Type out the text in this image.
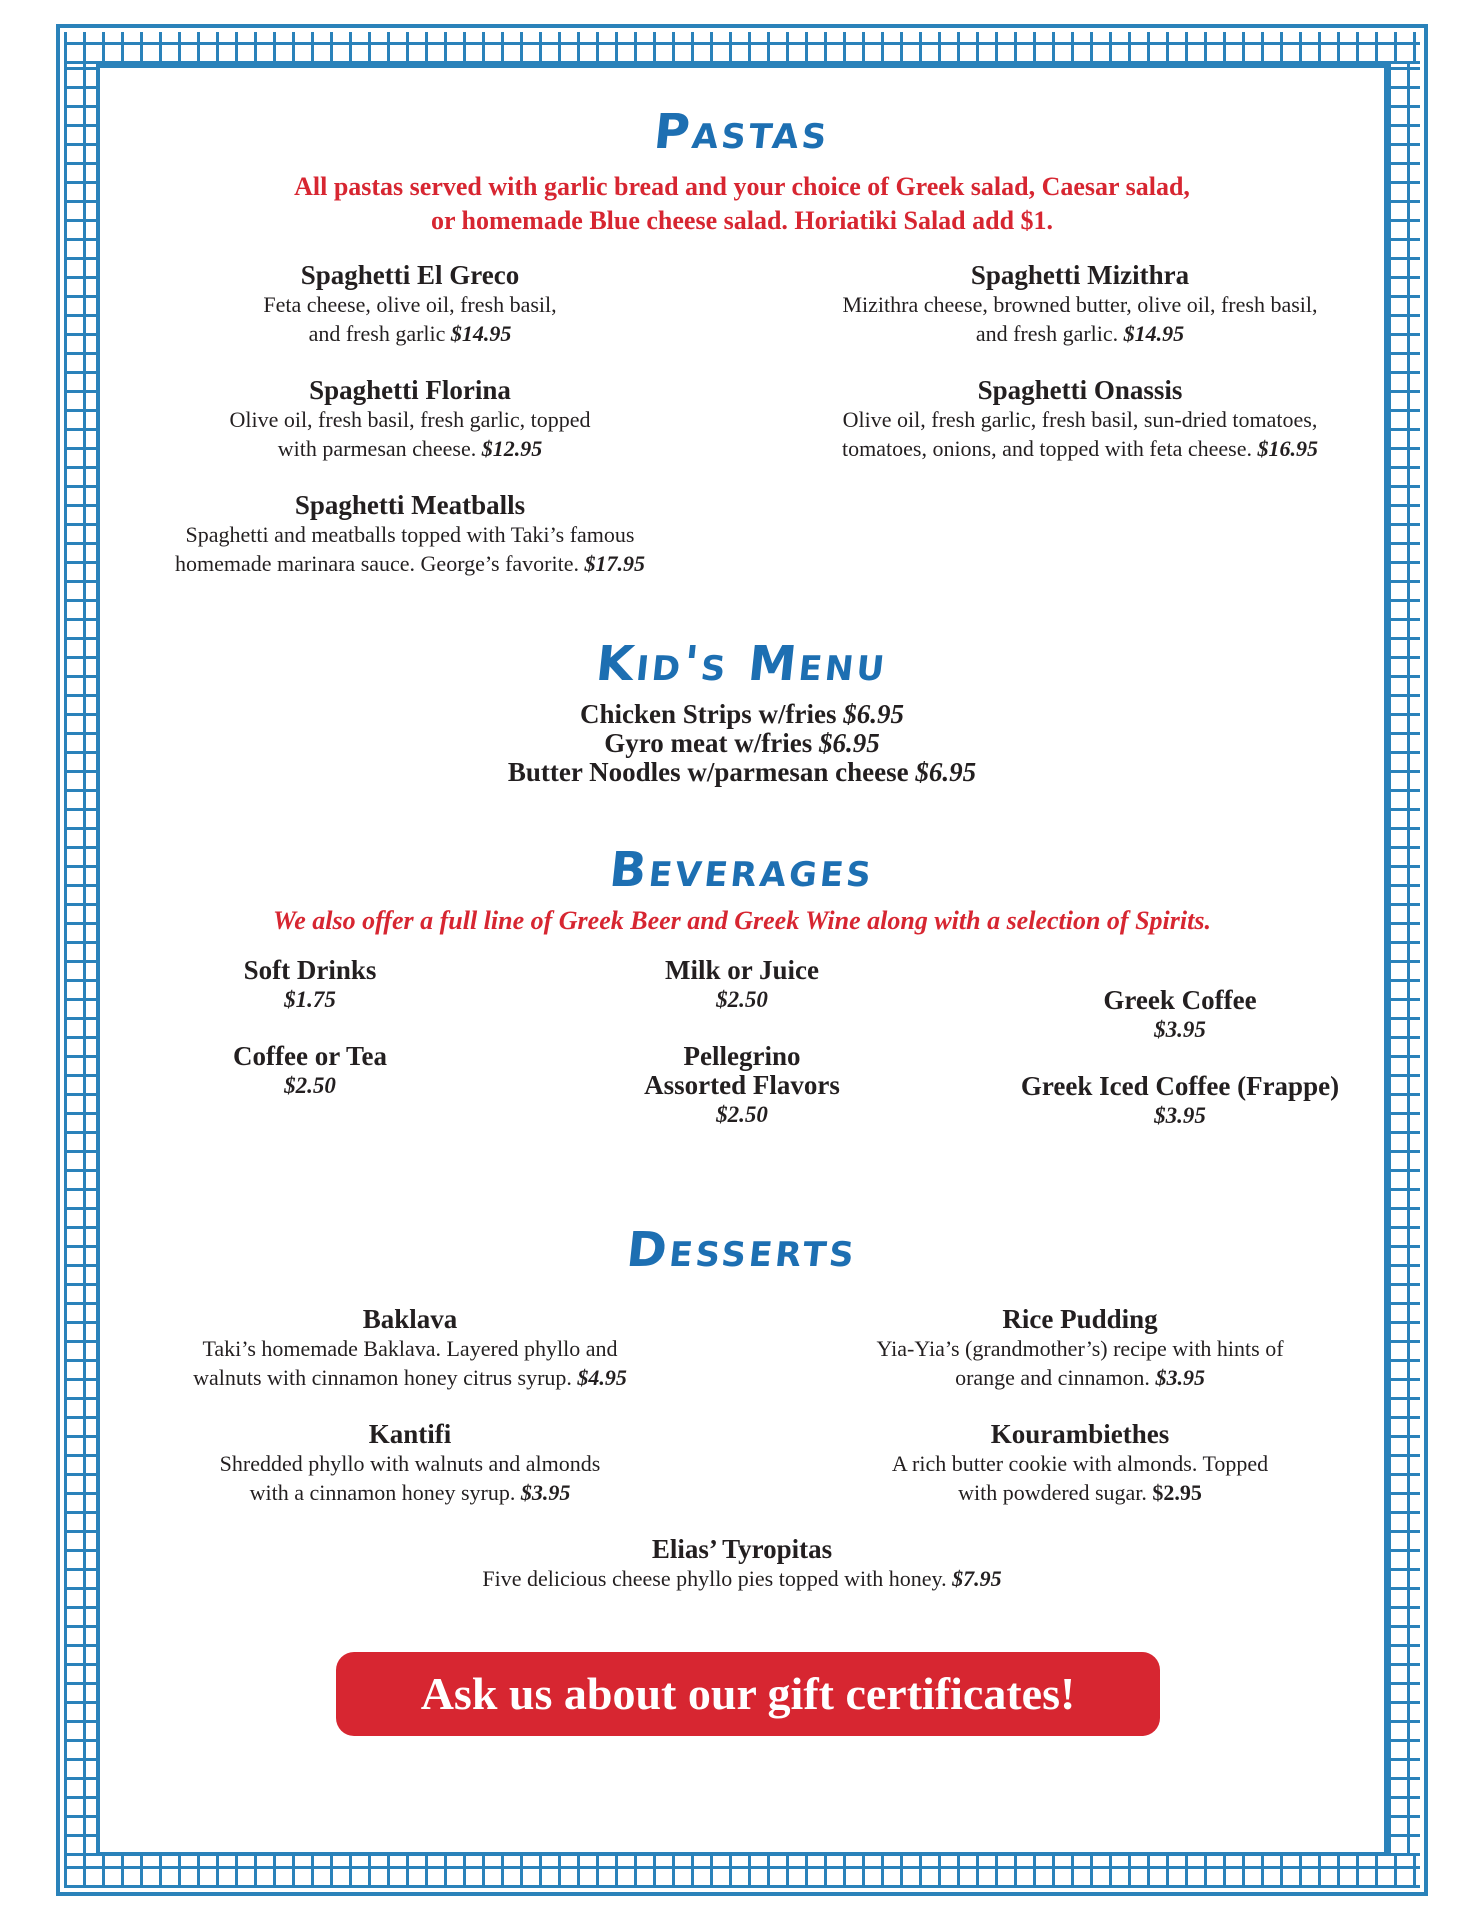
Pastas
All pastas served with garlic bread and your choice of Greek salad, Caesar salad,
or homemade Blue cheese salad. Horiatiki Salad add $1.
Spaghetti El Greco
Feta cheese, olive oil, fresh basil,
and fresh garlic $14.95
Spaghetti Mizithra
Mizithra cheese, browned butter, olive oil, fresh basil,
and fresh garlic. $14.95
Spaghetti Florina
Olive oil, fresh basil, fresh garlic, topped
with parmesan cheese. $12.95
Spaghetti Onassis
Olive oil, fresh garlic, fresh basil, sun-dried tomatoes,
tomatoes, onions, and topped with feta cheese. $16.95
Spaghetti Meatballs
Spaghetti and meatballs topped with Taki’s famous
homemade marinara sauce. George’s favorite. $17.95
Kid's Menu
Chicken Strips w/fries $6.95
Gyro meat w/fries $6.95
Butter Noodles w/parmesan cheese $6.95
Beverages
We also offer a full line of Greek Beer and Greek Wine along with a selection of Spirits.
Soft Drinks
$1.75
Milk or Juice
$2.50	Greek Coffee
$3.95
Coffee or Tea
$2.50
Pellegrino
Assorted Flavors
$2.50
Greek Iced Coffee (Frappe)
$3.95
Desserts
Baklava
Taki’s homemade Baklava. Layered phyllo and
walnuts with cinnamon honey citrus syrup. $4.95
Rice Pudding
Yia-Yia’s (grandmother’s) recipe with hints of
orange and cinnamon. $3.95
Kantifi
Shredded phyllo with walnuts and almonds
with a cinnamon honey syrup. $3.95
Kourambiethes
A rich butter cookie with almonds. Topped
with powdered sugar. $2.95
Elias’ Tyropitas
Five delicious cheese phyllo pies topped with honey. $7.95
Ask us about our gift certificates!
